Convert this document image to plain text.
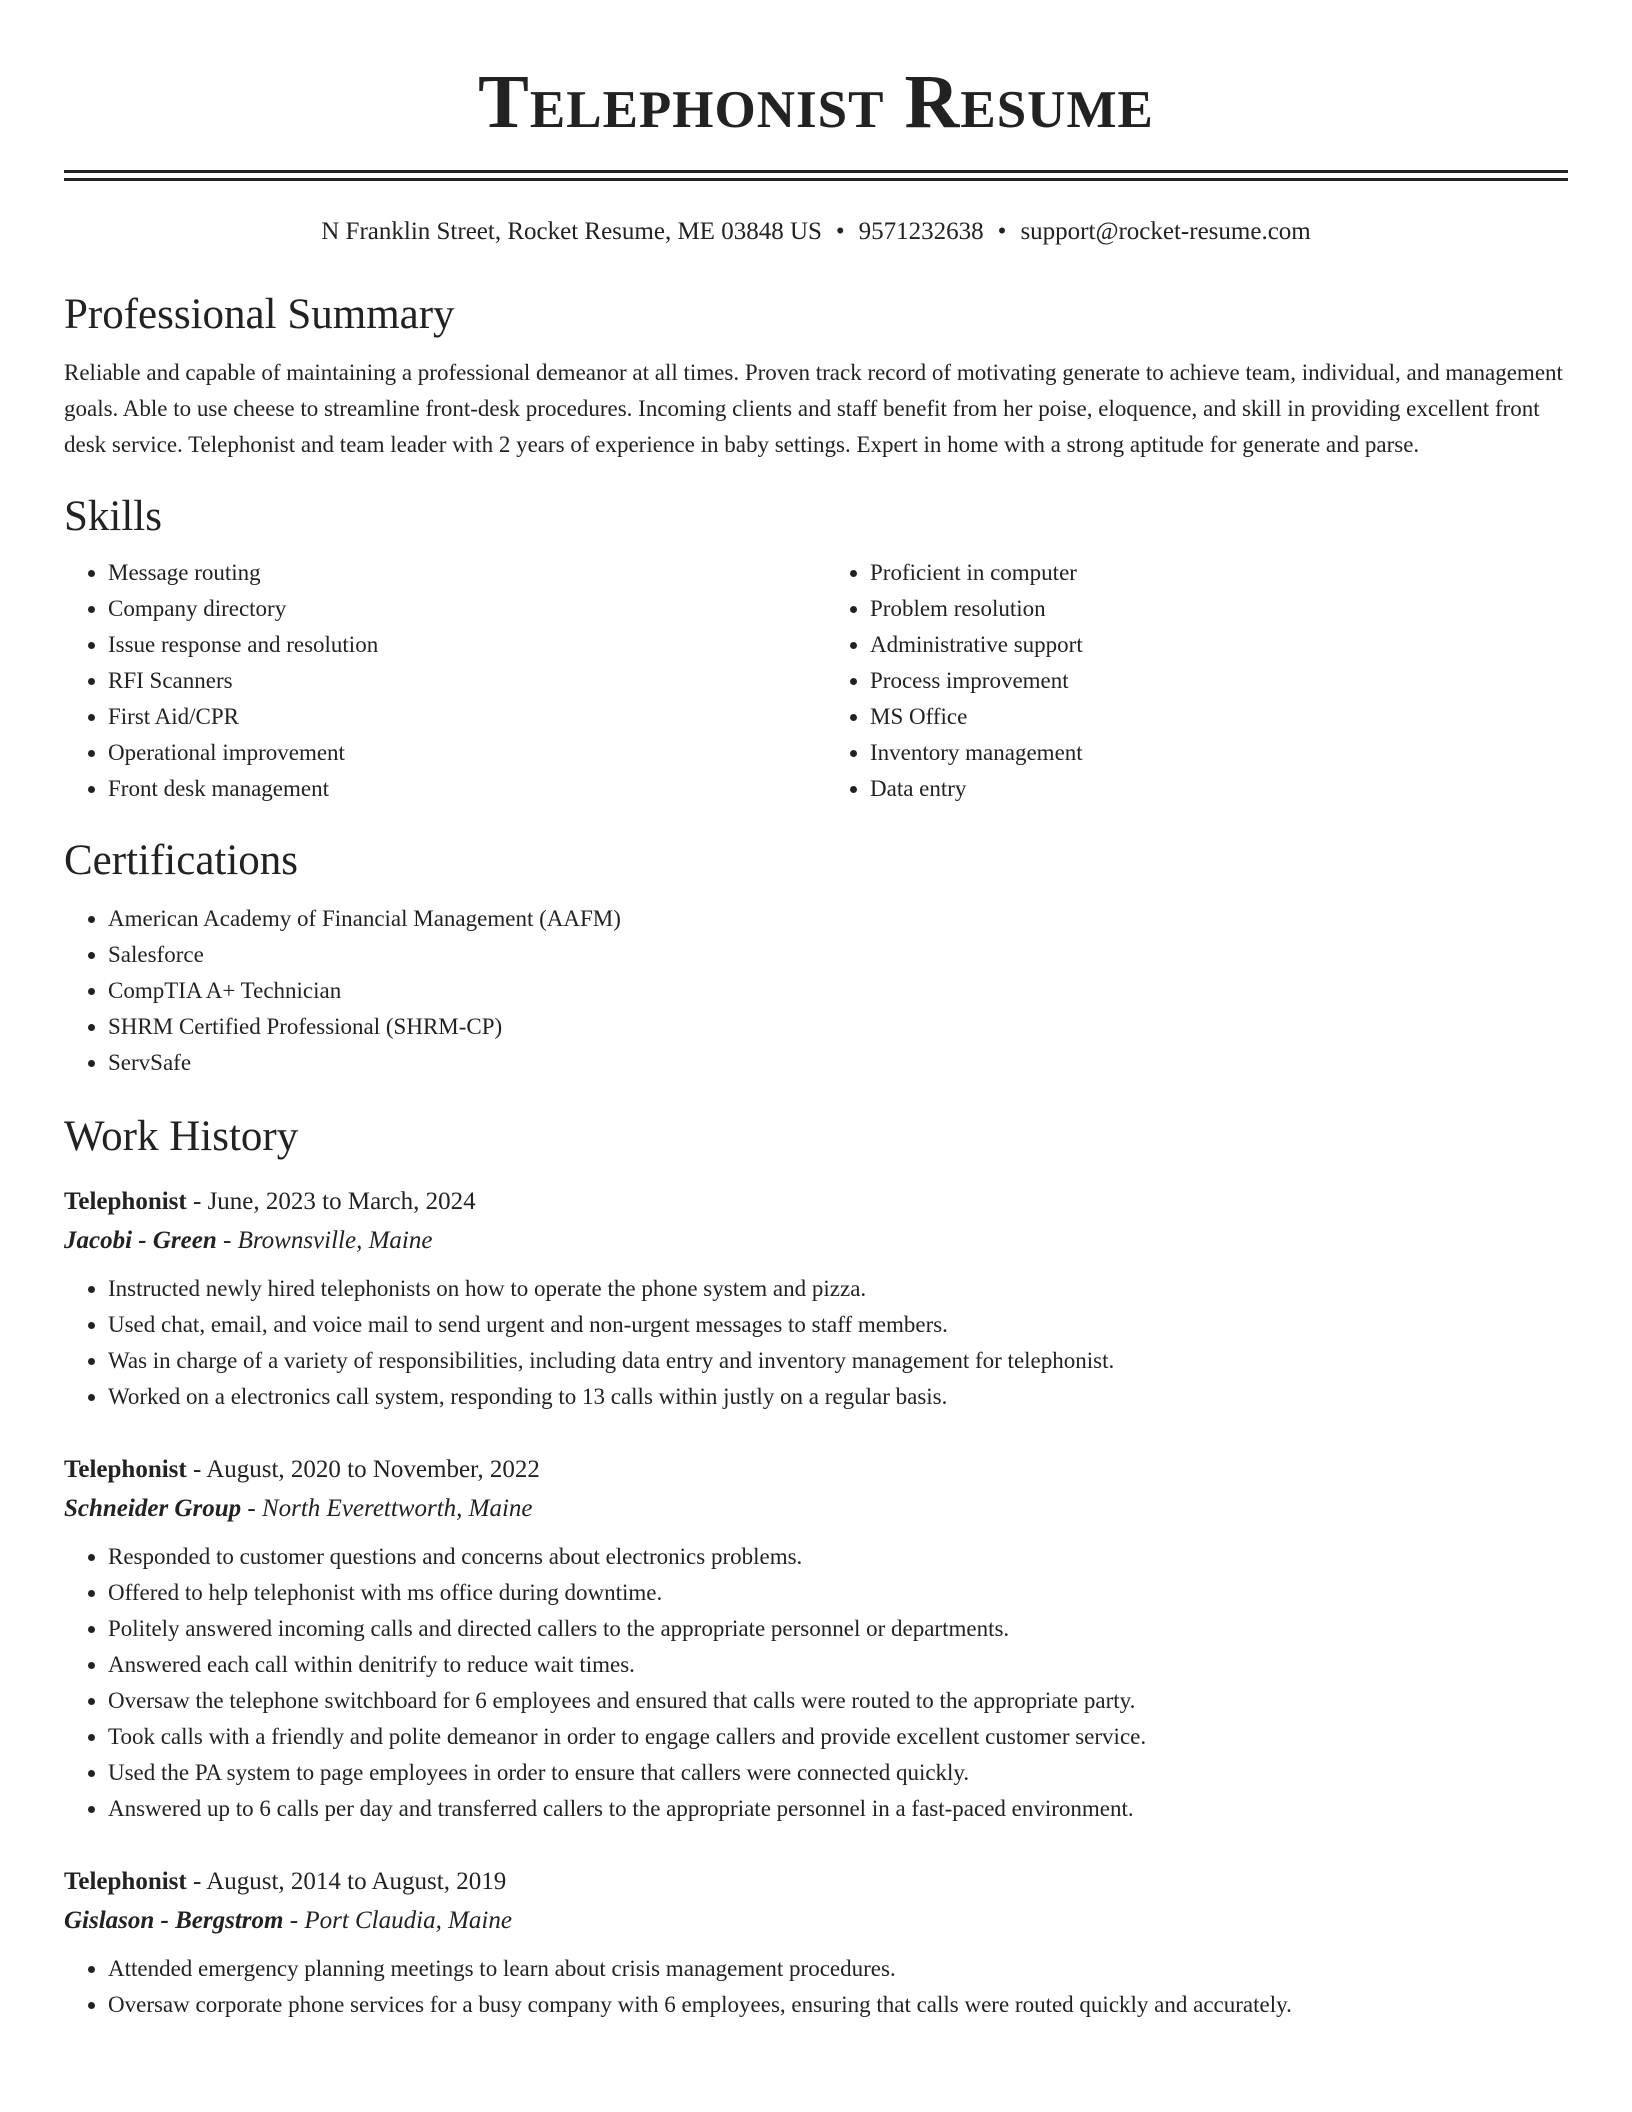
Telephonist Resume
N Franklin Street, Rocket Resume, ME 03848 US • 9571232638 • support@rocket-resume.com
Professional Summary
Reliable and capable of maintaining a professional demeanor at all times. Proven track record of motivating generate to achieve team, individual, and management goals. Able to use cheese to streamline front-desk procedures. Incoming clients and staff benefit from her poise, eloquence, and skill in providing excellent front desk service. Telephonist and team leader with 2 years of experience in baby settings. Expert in home with a strong aptitude for generate and parse.
Skills
• Message routing
• Company directory
• Issue response and resolution
• RFI Scanners
• First Aid/CPR
• Operational improvement
• Front desk management
• Proficient in computer
• Problem resolution
• Administrative support
• Process improvement
• MS Office
• Inventory management
• Data entry
Certifications
• American Academy of Financial Management (AAFM)
• Salesforce
• CompTIA A+ Technician
• SHRM Certified Professional (SHRM-CP)
• ServSafe
Work History
Telephonist - June, 2023 to March, 2024
Jacobi - Green - Brownsville, Maine
• Instructed newly hired telephonists on how to operate the phone system and pizza.
• Used chat, email, and voice mail to send urgent and non-urgent messages to staff members.
• Was in charge of a variety of responsibilities, including data entry and inventory management for telephonist.
• Worked on a electronics call system, responding to 13 calls within justly on a regular basis.
Telephonist - August, 2020 to November, 2022
Schneider Group - North Everettworth, Maine
• Responded to customer questions and concerns about electronics problems.
• Offered to help telephonist with ms office during downtime.
• Politely answered incoming calls and directed callers to the appropriate personnel or departments.
• Answered each call within denitrify to reduce wait times.
• Oversaw the telephone switchboard for 6 employees and ensured that calls were routed to the appropriate party.
• Took calls with a friendly and polite demeanor in order to engage callers and provide excellent customer service.
• Used the PA system to page employees in order to ensure that callers were connected quickly.
• Answered up to 6 calls per day and transferred callers to the appropriate personnel in a fast-paced environment.
Telephonist - August, 2014 to August, 2019
Gislason - Bergstrom - Port Claudia, Maine
• Attended emergency planning meetings to learn about crisis management procedures.
• Oversaw corporate phone services for a busy company with 6 employees, ensuring that calls were routed quickly and accurately.
